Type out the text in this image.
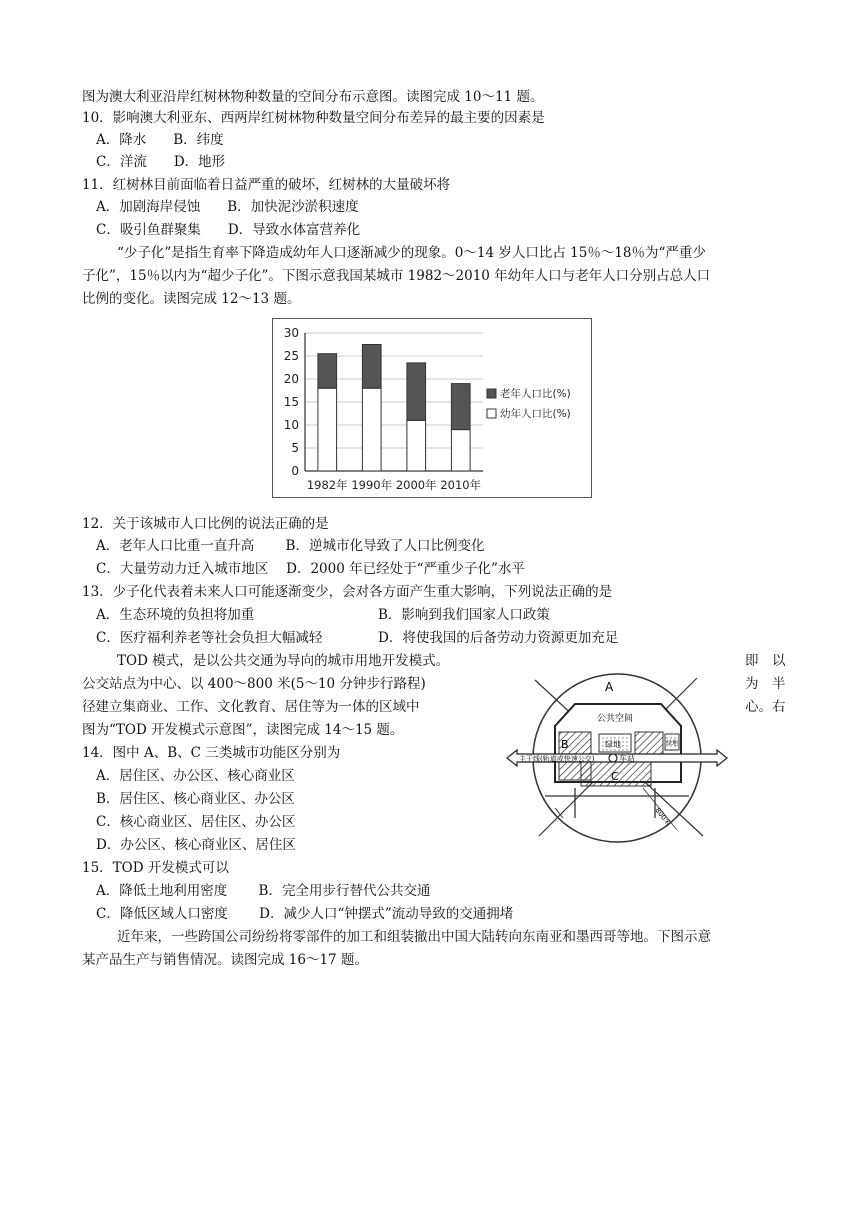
图为澳大利亚沿岸红树林物种数量的空间分布示意图。读图完成 10～11 题。
10．影响澳大利亚东、西两岸红树林物种数量空间分布差异的最主要的因素是
A．降水　　B．纬度
C．洋流　　D．地形
11．红树林目前面临着日益严重的破坏，红树林的大量破坏将
A．加剧海岸侵蚀　　B．加快泥沙淤积速度
C．吸引鱼群聚集　　D．导致水体富营养化
“少子化”是指生育率下降造成幼年人口逐渐减少的现象。0～14 岁人口比占 15％～18％为“严重少
子化”，15％以内为“超少子化”。下图示意我国某城市 1982～2010 年幼年人口与老年人口分别占总人口
比例的变化。读图完成 12～13 题。
0
5
10
15
20
25
30
1982年 1990年 2000年 2010年
老年人口比(%)
幼年人口比(%)
12．关于该城市人口比例的说法正确的是
A．老年人口比重一直升高　　 B．逆城市化导致了人口比例变化
C．大量劳动力迁入城市地区　 D．2000 年已经处于“严重少子化”水平
13．少子化代表着未来人口可能逐渐变少，会对各方面产生重大影响，下列说法正确的是
A．生态环境的负担将加重	B．影响到我们国家人口政策
C．医疗福利养老等社会负担大幅减轻	D．将使我国的后备劳动力资源更加充足
TOD 模式，是以公共交通为导向的城市用地开发模式。	即　以
公交站点为中心、以 400～800 米(5～10 分钟步行路程)	为　半
径建立集商业、工作、文化教育、居住等为一体的区域中	心。右
图为“TOD 开发模式示意图”，读图完成 14～15 题。
14．图中 A、B、C 三类城市功能区分别为
A．居住区、办公区、核心商业区
B．居住区、核心商业区、办公区
C．核心商业区、居住区、办公区
D．办公区、核心商业区、居住区
15．TOD 开发模式可以
A．降低土地利用密度　　 B．完全用步行替代公共交通
C．降低区域人口密度　　 D．减少人口“钟摆式”流动导致的交通拥堵
近年来，一些跨国公司纷纷将零部件的加工和组装撤出中国大陆转向东南亚和墨西哥等地。下图示意
某产品生产与销售情况。读图完成 16～17 题。
A
公共空间
B	绿地	绿地
主干线(轨道或快速公交)	车站
C
800米
